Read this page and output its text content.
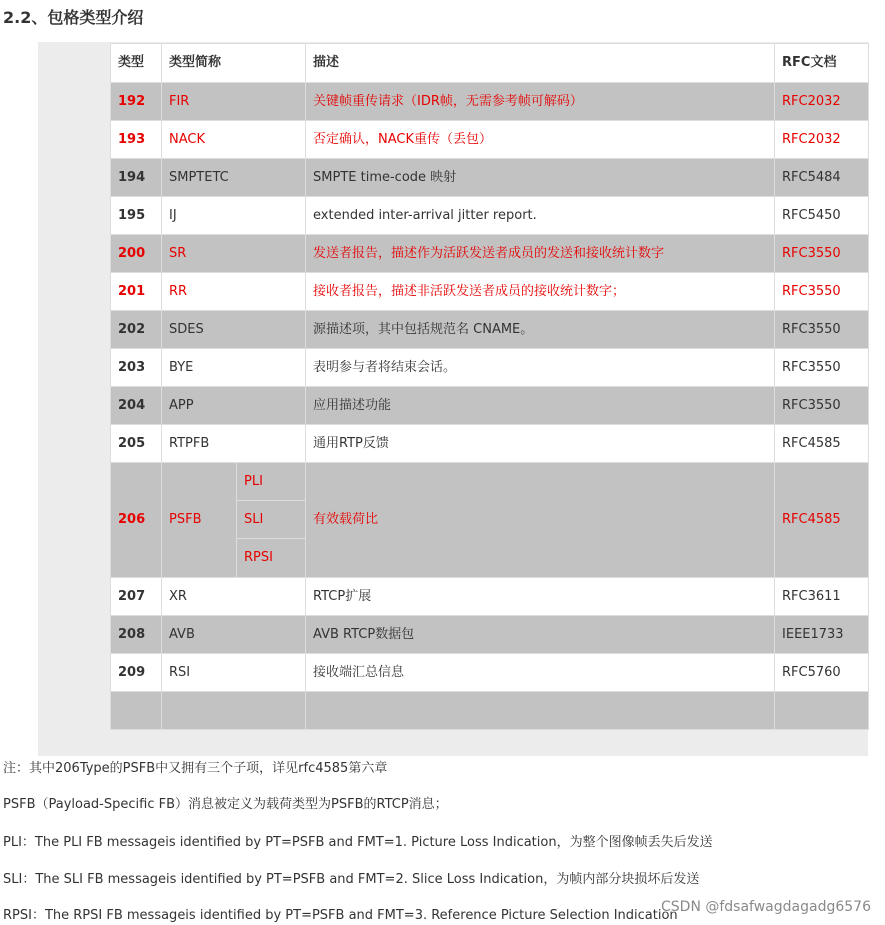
2.2、包格类型介绍
类型	类型简称		描述	RFC文档
192	FIR		关键帧重传请求（IDR帧，无需参考帧可解码）	RFC2032
193	NACK		否定确认，NACK重传（丢包）	RFC2032
194	SMPTETC		SMPTE time-code 映射	RFC5484
195	IJ		extended inter-arrival jitter report.	RFC5450
200	SR		发送者报告，描述作为活跃发送者成员的发送和接收统计数字	RFC3550
201	RR		接收者报告，描述非活跃发送者成员的接收统计数字；	RFC3550
202	SDES		源描述项，其中包括规范名 CNAME。	RFC3550
203	BYE		表明参与者将结束会话。	RFC3550
204	APP		应用描述功能	RFC3550
205	RTPFB		通用RTP反馈	RFC4585
206	PSFB	PLI	有效载荷比	RFC4585
		SLI		
		RPSI		
207	XR		RTCP扩展	RFC3611
208	AVB		AVB RTCP数据包	IEEE1733
209	RSI		接收端汇总信息	RFC5760

注：其中206Type的PSFB中又拥有三个子项，详见rfc4585第六章
PSFB（Payload-Specific FB）消息被定义为载荷类型为PSFB的RTCP消息；
PLI：The PLI FB messageis identified by PT=PSFB and FMT=1. Picture Loss Indication，为整个图像帧丢失后发送
SLI：The SLI FB messageis identified by PT=PSFB and FMT=2. Slice Loss Indication，为帧内部分块损坏后发送
RPSI：The RPSI FB messageis identified by PT=PSFB and FMT=3. Reference Picture Selection Indication
CSDN @fdsafwagdagadg6576
